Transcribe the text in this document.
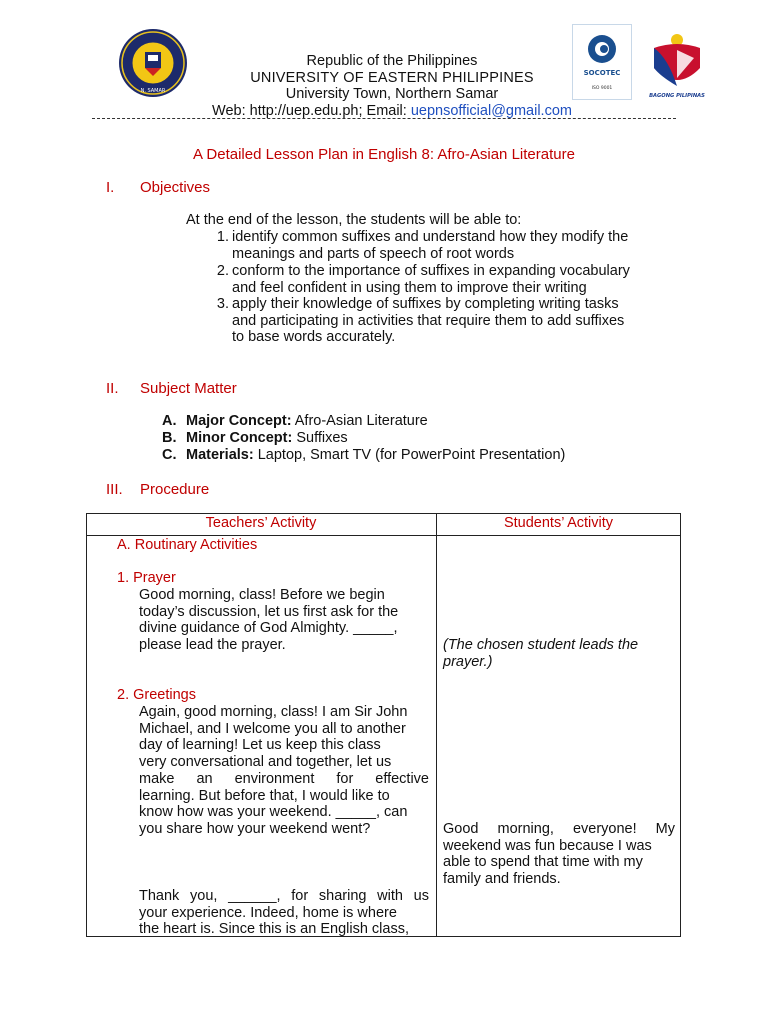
N. SAMAR
SOCOTEC
ISO 9001
BAGONG PILIPINAS
Republic of the Philippines
UNIVERSITY OF EASTERN PHILIPPINES
University Town, Northern Samar
Web: http://uep.edu.ph; Email: uepnsofficial@gmail.com
A Detailed Lesson Plan in English 8: Afro-Asian Literature
I. Objectives
At the end of the lesson, the students will be able to:
1. identify common suffixes and understand how they modify the
meanings and parts of speech of root words
2. conform to the importance of suffixes in expanding vocabulary
and feel confident in using them to improve their writing
3. apply their knowledge of suffixes by completing writing tasks
and participating in activities that require them to add suffixes
to base words accurately.
II. Subject Matter
A. Major Concept: Afro-Asian Literature
B. Minor Concept: Suffixes
C. Materials: Laptop, Smart TV (for PowerPoint Presentation)
III. Procedure
Teachers’ Activity	Students’ Activity
A. Routinary Activities
1. Prayer
Good morning, class! Before we begin
today’s discussion, let us first ask for the
divine guidance of God Almighty. _____,
please lead the prayer.	(The chosen student leads the
prayer.)
2. Greetings
Again, good morning, class! I am Sir John
Michael, and I welcome you all to another
day of learning! Let us keep this class
very conversational and together, let us
make an environment for effective
learning. But before that, I would like to
know how was your weekend. _____, can
you share how your weekend went?	Good morning, everyone! My
weekend was fun because I was
able to spend that time with my
family and friends.
Thank you, ______, for sharing with us
your experience. Indeed, home is where
the heart is. Since this is an English class,
